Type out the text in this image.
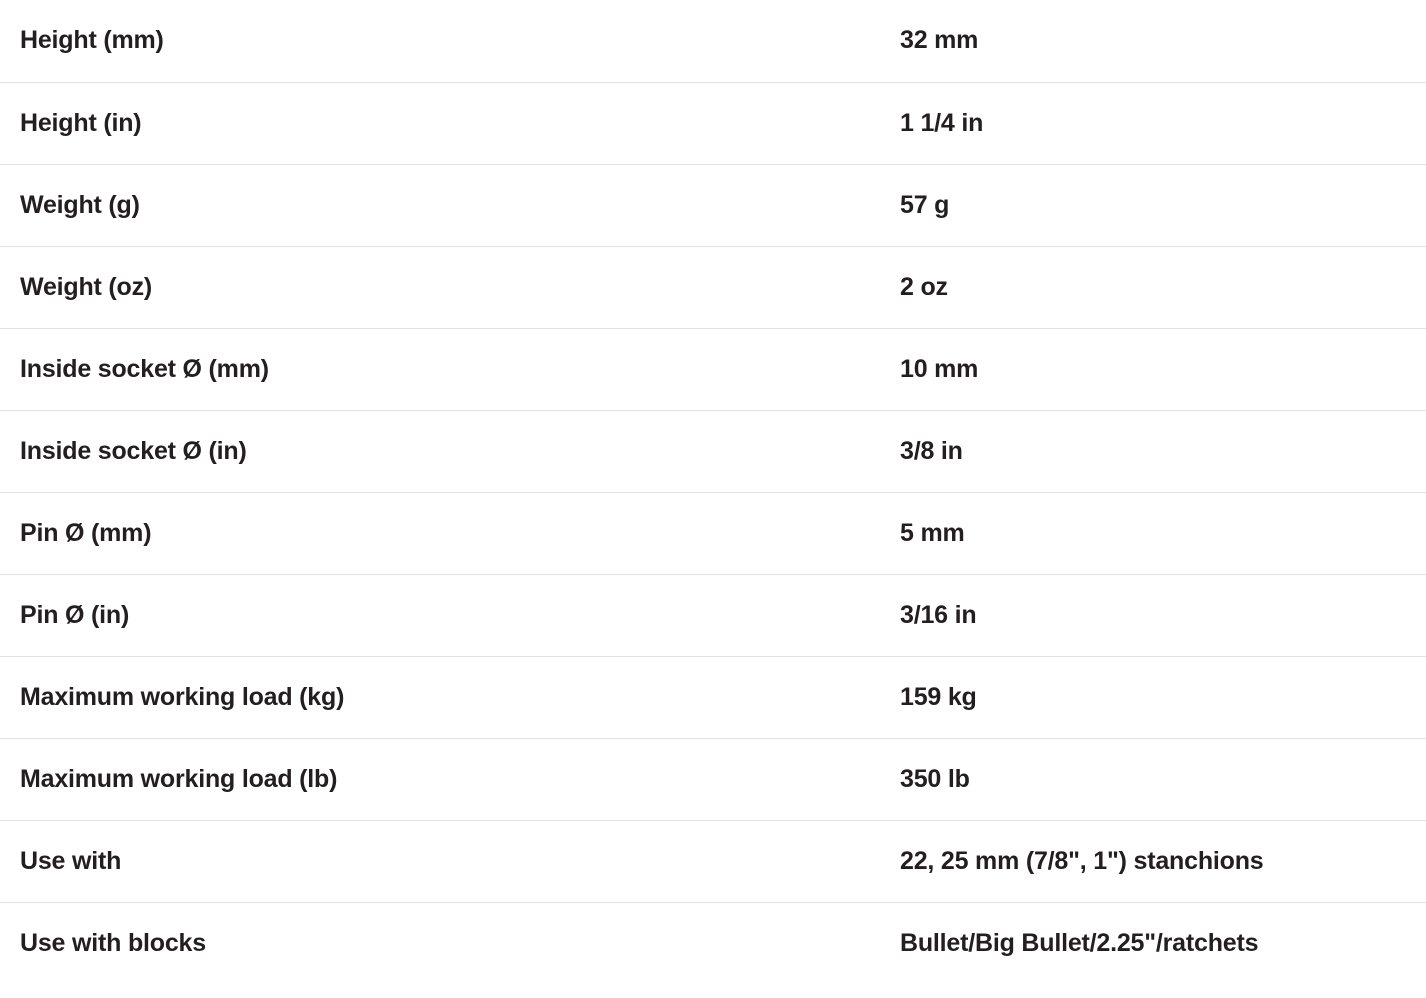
Height (mm)	32 mm
Height (in)	1 1/4 in
Weight (g)	57 g
Weight (oz)	2 oz
Inside socket Ø (mm)	10 mm
Inside socket Ø (in)	3/8 in
Pin Ø (mm)	5 mm
Pin Ø (in)	3/16 in
Maximum working load (kg)	159 kg
Maximum working load (lb)	350 lb
Use with	22, 25 mm (7/8", 1") stanchions
Use with blocks	Bullet/Big Bullet/2.25"/ratchets
